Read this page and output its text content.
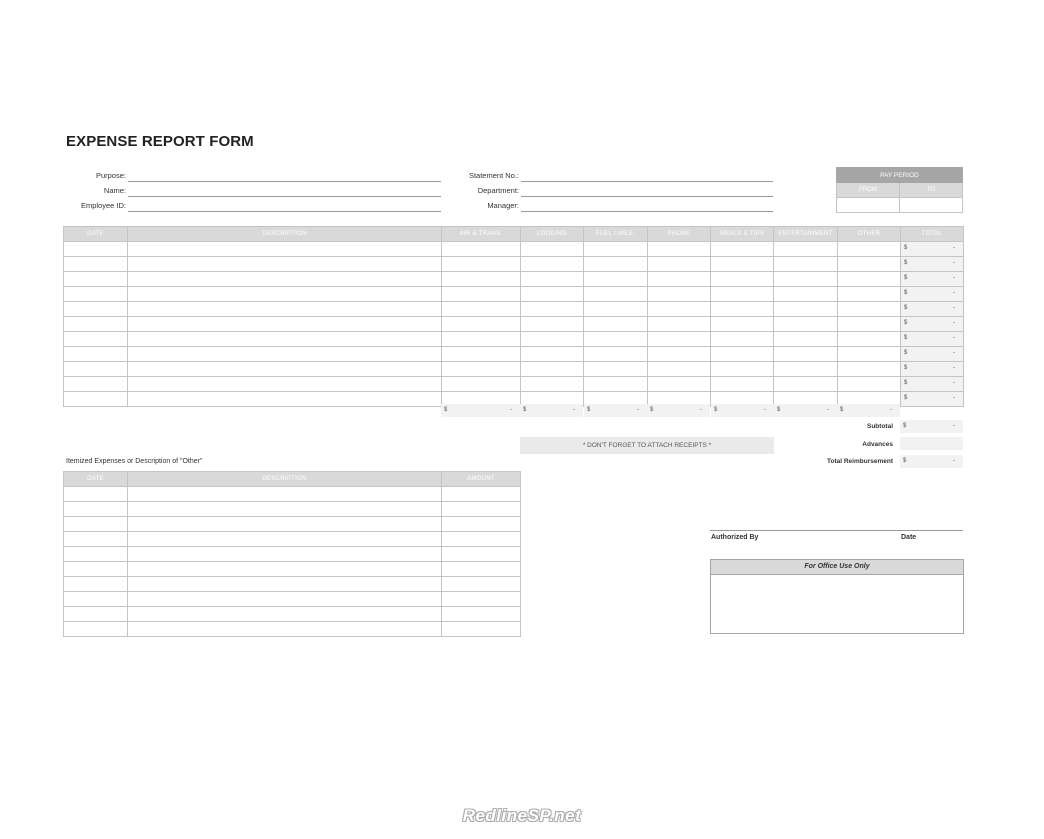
EXPENSE REPORT FORM
Purpose:
Name:
Employee ID:
Statement No.:
Department:
Manager:
PAY PERIOD	
FROM	TO

DATE	DESCRIPTION	AIR & TRANS.	LODGING	FUEL / MILE.	PHONE	MEALS & TIPS	ENTERTAINMENT	OTHER	TOTAL

									$ -

									$ -

									$ -

									$ -

									$ -

									$ -

									$ -

									$ -

									$ -

									$ -

									$ -
$	- $	- $	- $	- $	- $	- $	-
Subtotal $	-
Advances
Total Reimbursement $	-
* DON'T FORGET TO ATTACH RECEIPTS *
Itemized Expenses or Description of "Other"
DATE	DESCRIPTION	AMOUNT

Authorized By	Date
For Office Use Only
RedlineSP.net
